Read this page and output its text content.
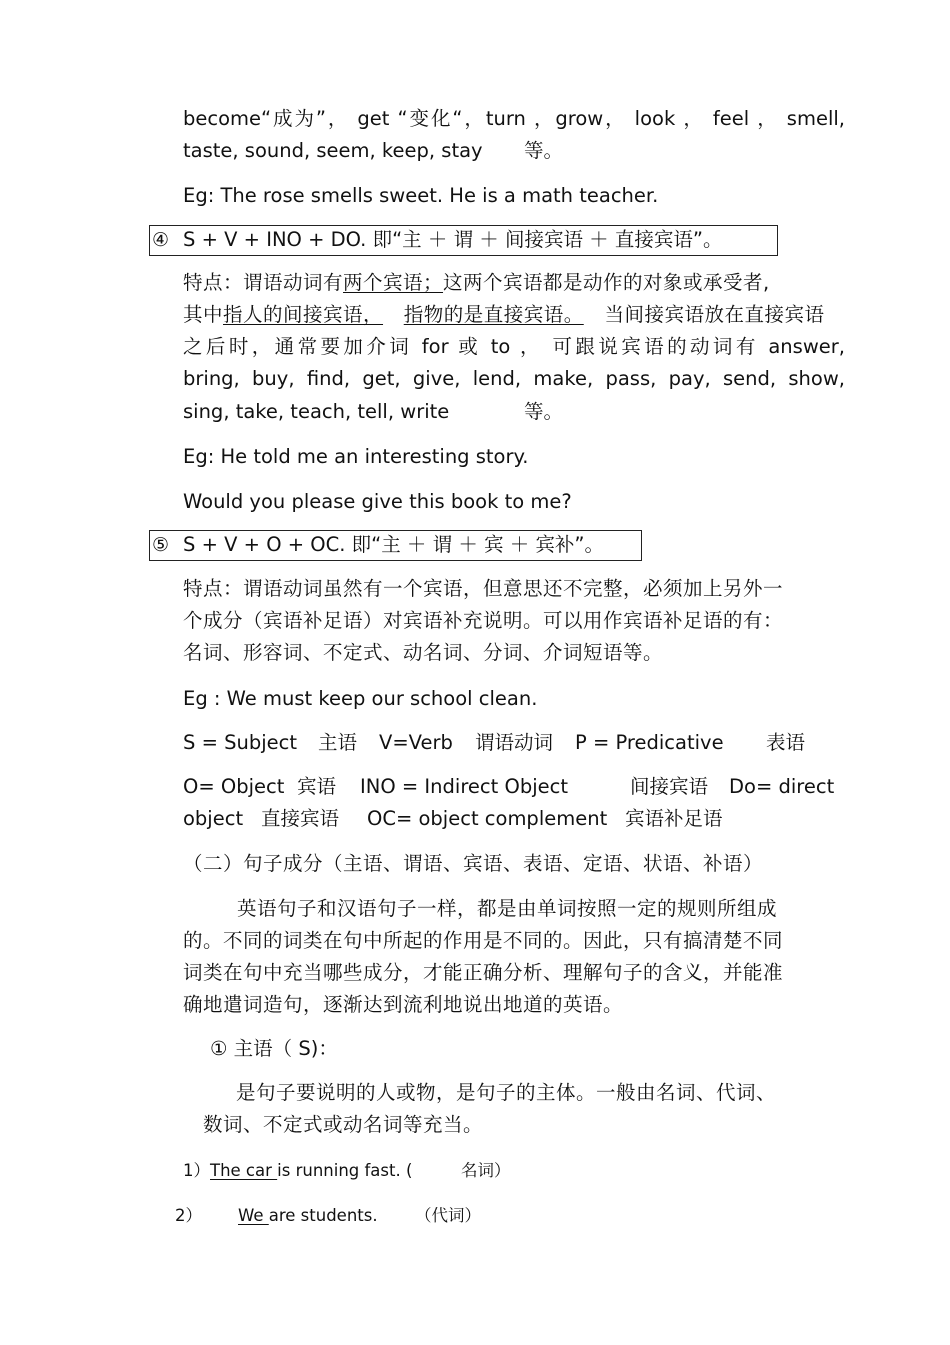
become“成为”， get “变化“，turn ，grow， look ， feel ， smell,
taste, sound, seem, keep, stay 等。
Eg: The rose smells sweet. He is a math teacher.
④ S + V + INO + DO. 即“主 ＋ 谓 ＋ 间接宾语 ＋ 直接宾语”。
特点：谓语动词有两个宾语；这两个宾语都是动作的对象或承受者,
其中指人的间接宾语， 指物的是直接宾语。 当间接宾语放在直接宾语
之后时，通常要加介词 for 或 to ， 可跟说宾语的动词有 answer,
bring, buy, find, get, give, lend, make, pass, pay, send, show,
sing, take, teach, tell, write	等。
Eg: He told me an interesting story.
Would you please give this book to me?
⑤ S + V + O + OC. 即“主 ＋ 谓 ＋ 宾 ＋ 宾补”。
特点：谓语动词虽然有一个宾语，但意思还不完整，必须加上另外一
个成分（宾语补足语）对宾语补充说明。可以用作宾语补足语的有：
名词、形容词、不定式、动名词、分词、介词短语等。
Eg : We must keep our school clean.
S = Subject 主语 V=Verb 谓语动词 P = Predicative 表语
O= Object 宾语 INO = Indirect Object	间接宾语 Do= direct
object 直接宾语 OC= object complement 宾语补足语
（二）句子成分（主语、谓语、宾语、表语、定语、状语、补语）
英语句子和汉语句子一样，都是由单词按照一定的规则所组成
的。不同的词类在句中所起的作用是不同的。因此，只有搞清楚不同
词类在句中充当哪些成分，才能正确分析、理解句子的含义，并能准
确地遣词造句，逐渐达到流利地说出地道的英语。
① 主语（ S)：
是句子要说明的人或物，是句子的主体。一般由名词、代词、
数词、不定式或动名词等充当。
1）The car is running fast. (	名词）
2） We are students. （代词）
